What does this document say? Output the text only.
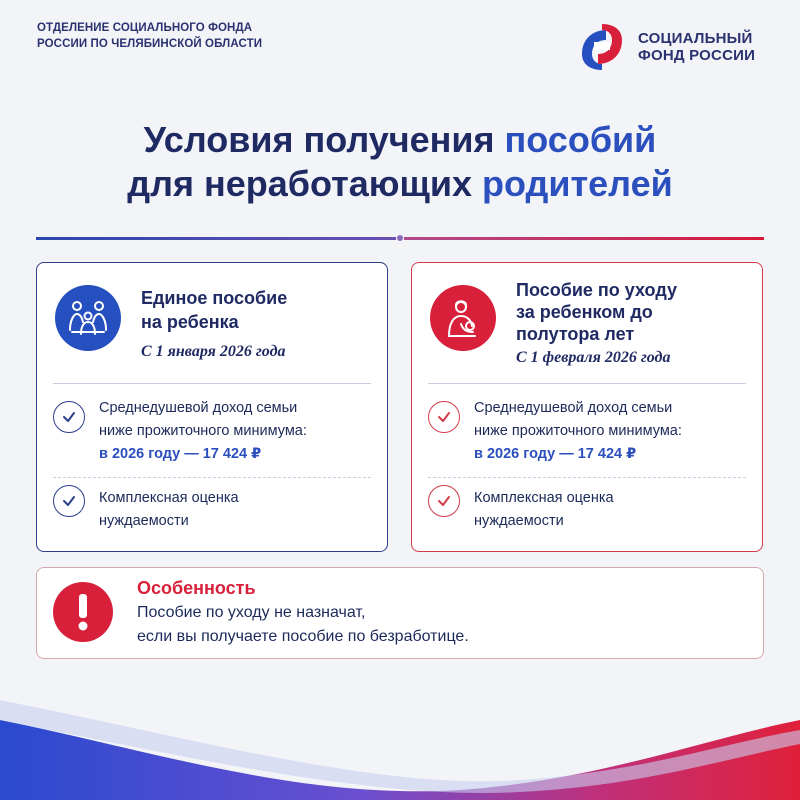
ОТДЕЛЕНИЕ СОЦИАЛЬНОГО ФОНДА
РОССИИ ПО ЧЕЛЯБИНСКОЙ ОБЛАСТИ	СОЦИАЛЬНЫЙ
ФОНД РОССИИ
Условия получения пособий
для неработающих родителей
Единое пособие
на ребенка
С 1 января 2026 года
Среднедушевой доход семьи
ниже прожиточного минимума:
в 2026 году — 17 424 ₽
Комплексная оценка
нуждаемости
Пособие по уходу
за ребенком до
полутора лет
С 1 февраля 2026 года
Среднедушевой доход семьи
ниже прожиточного минимума:
в 2026 году — 17 424 ₽
Комплексная оценка
нуждаемости
Особенность
Пособие по уходу не назначат,
если вы получаете пособие по безработице.
